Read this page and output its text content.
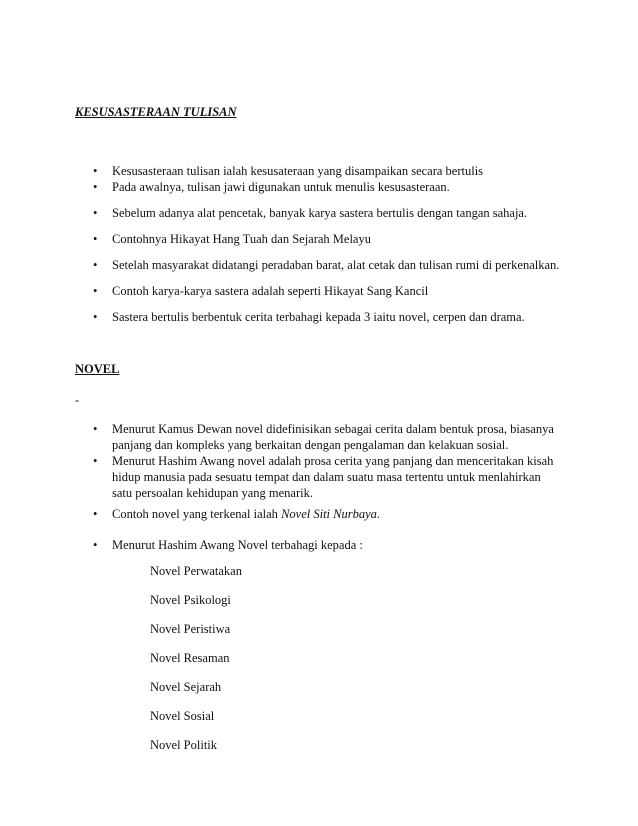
KESUSASTERAAN TULISAN
•	Kesusasteraan tulisan ialah kesusateraan yang disampaikan secara bertulis
•	Pada awalnya, tulisan jawi digunakan untuk menulis kesusasteraan.
•	Sebelum adanya alat pencetak, banyak karya sastera bertulis dengan tangan sahaja.
•	Contohnya Hikayat Hang Tuah dan Sejarah Melayu
•	Setelah masyarakat didatangi peradaban barat, alat cetak dan tulisan rumi di perkenalkan.
•	Contoh karya-karya sastera adalah seperti Hikayat Sang Kancil
•	Sastera bertulis berbentuk cerita terbahagi kepada 3 iaitu novel, cerpen dan drama.
NOVEL
-
•	Menurut Kamus Dewan novel didefinisikan sebagai cerita dalam bentuk prosa, biasanya
panjang dan kompleks yang berkaitan dengan pengalaman dan kelakuan sosial.
•	Menurut Hashim Awang novel adalah prosa cerita yang panjang dan menceritakan kisah
hidup manusia pada sesuatu tempat dan dalam suatu masa tertentu untuk menlahirkan
satu persoalan kehidupan yang menarik.
•	Contoh novel yang terkenal ialah Novel Siti Nurbaya.
•	Menurut Hashim Awang Novel terbahagi kepada :
Novel Perwatakan
Novel Psikologi
Novel Peristiwa
Novel Resaman
Novel Sejarah
Novel Sosial
Novel Politik
